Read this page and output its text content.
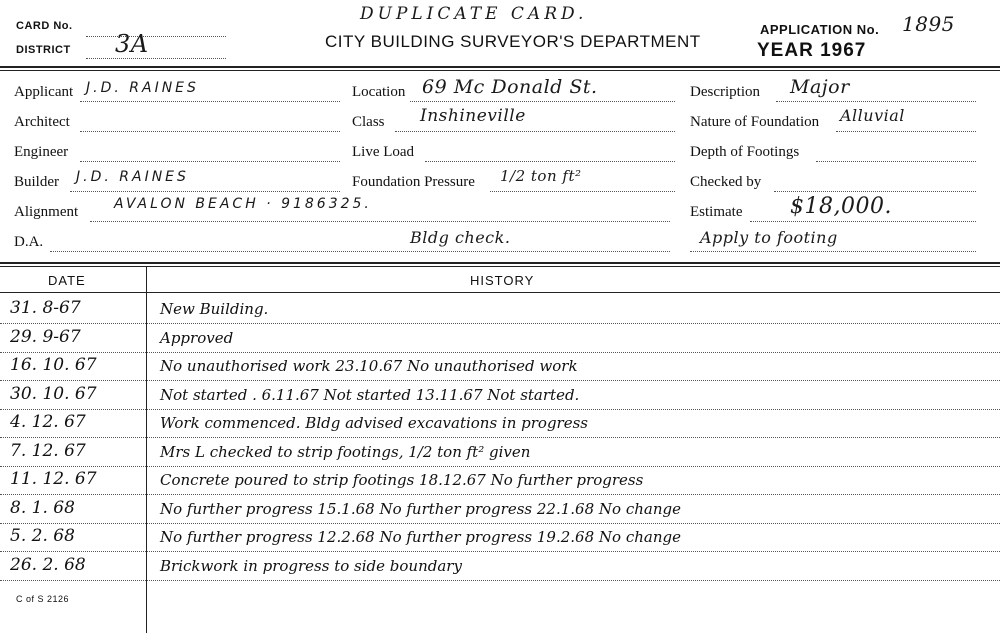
CARD No.
DISTRICT 3A
DUPLICATE CARD.
CITY BUILDING SURVEYOR'S DEPARTMENT
APPLICATION No. 1895
YEAR 1967
Applicant J.D. RAINES
Architect
Engineer
Builder J.D. RAINES
Alignment	AVALON BEACH · 9186325.
D.A.	Bldg check.
Location 69 Mc Donald St.
Class Inshineville
Live Load
Foundation Pressure 1/2 ton ft²
Description Major
Nature of Foundation Alluvial
Depth of Footings
Checked by
Estimate $18,000.
Apply to footing
DATE	HISTORY
31. 8-67	New Building.
29. 9-67	Approved
16. 10. 67	No unauthorised work 23.10.67 No unauthorised work
30. 10. 67	Not started . 6.11.67 Not started 13.11.67 Not started.
4. 12. 67	Work commenced. Bldg advised excavations in progress
7. 12. 67	Mrs L checked to strip footings, 1/2 ton ft² given
11. 12. 67	Concrete poured to strip footings 18.12.67 No further progress
8. 1. 68	No further progress 15.1.68 No further progress 22.1.68 No change
5. 2. 68	No further progress 12.2.68 No further progress 19.2.68 No change
26. 2. 68	Brickwork in progress to side boundary
C of S 2126
